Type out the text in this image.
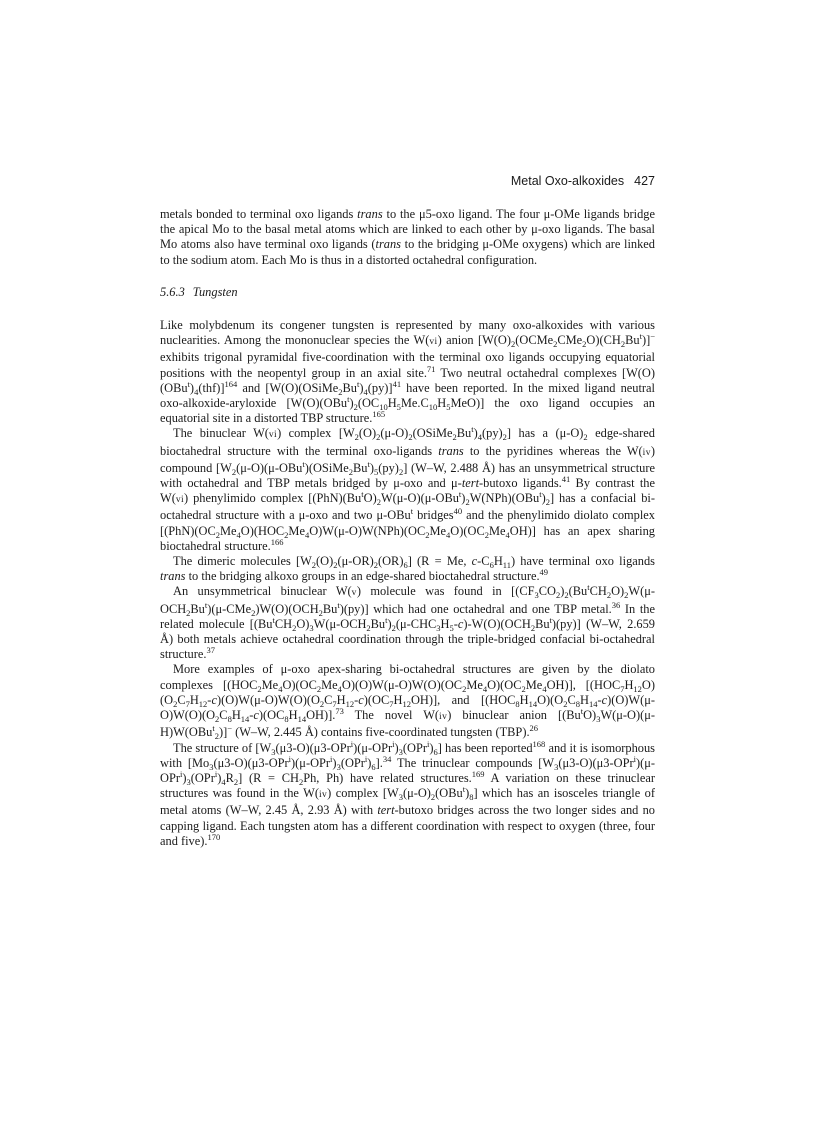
Metal Oxo-alkoxides 427

metals bonded to terminal oxo ligands trans to the μ5-oxo ligand. The four μ-OMe ligands bridge the apical Mo to the basal metal atoms which are linked to each other by μ-oxo ligands. The basal Mo atoms also have terminal oxo ligands (trans to the bridging μ-OMe oxygens) which are linked to the sodium atom. Each Mo is thus in a distorted octahedral configuration.

5.6.3 Tungsten

Like molybdenum its congener tungsten is represented by many oxo-alkoxides with various nuclearities. Among the mononuclear species the W(vi) anion $[W(O)_2(OCMe_2CMe_2O)(CH_2Bu^t)]^-$ exhibits trigonal pyramidal five-coordination with the terminal oxo ligands occupying equatorial positions with the neopentyl group in an axial site.$^{71}$ Two neutral octahedral complexes $[W(O)(OBu^t)_4(thf)]^{164}$ and $[W(O)(OSiMe_2Bu^t)_4(py)]^{41}$ have been reported. In the mixed ligand neutral oxo-alkoxide-aryloxide $[W(O)(OBu^t)_2(OC_{10}H_5Me.C_{10}H_5MeO)]$ the oxo ligand occupies an equatorial site in a distorted TBP structure.$^{165}$

The binuclear W(vi) complex $[W_2(O)_2(\mu-O)_2(OSiMe_2Bu^t)_4(py)_2]$ has a $(\mu-O)_2$ edge-shared bioctahedral structure with the terminal oxo-ligands trans to the pyridines whereas the W(iv) compound $[W_2(\mu-O)(\mu-OBu^t)(OSiMe_2Bu^t)_5(py)_2]$ (W–W, 2.488 Å) has an unsymmetrical structure with octahedral and TBP metals bridged by μ-oxo and μ-tert-butoxo ligands.$^{41}$ By contrast the W(vi) phenylimido complex $[(PhN)(Bu^tO)_2W(\mu-O)(\mu-OBu^t)_2W(NPh)(OBu^t)_2]$ has a confacial bi-octahedral structure with a μ-oxo and two μ-OBu$^t$ bridges$^{40}$ and the phenylimido diolato complex $[(PhN)(OC_2Me_4O)(HOC_2Me_4O)W(\mu-O)W(NPh)(OC_2Me_4O)(OC_2Me_4OH)]$ has an apex sharing bioctahedral structure.$^{166}$

The dimeric molecules $[W_2(O)_2(\mu-OR)_2(OR)_6] (R = Me$, $c-C_6H_{11}$) have terminal oxo ligands trans to the bridging alkoxo groups in an edge-shared bioctahedral structure.$^{49}$

An unsymmetrical binuclear W(v) molecule was found in $[(CF_3CO_2)_2(Bu^tCH_2O)_2W(\mu-OCH_2Bu^t)(\mu-CMe_2)W(O)(OCH_2Bu^t)(py)]$ which had one octahedral and one TBP metal.$^{36}$ In the related molecule $[(Bu^tCH_2O)_3W(\mu-OCH_2Bu^t)_2(\mu-CHC_3H_5-c)-W(O)(OCH_2Bu^t)(py)]$ (W–W, 2.659 Å) both metals achieve octahedral coordination through the triple-bridged confacial bi-octahedral structure.$^{37}$

More examples of μ-oxo apex-sharing bi-octahedral structures are given by the diolato complexes $[(HOC_2Me_4O)(OC_2Me_4O)(O)W(\mu-O)W(O)(OC_2Me_4O)(OC_2Me_4OH)]$, $[(HOC_7H_{12}O)(O_2C_7H_{12}-c)(O)W(\mu-O)W(O)(O_2C_7H_{12}-c)(OC_7H_{12}OH)]$, and $[(HOC_8H_{14}O)(O_2C_8H_{14}-c)(O)W(\mu-O)W(O)(O_2C_8H_{14}-c)(OC_8H_{14}OH)].^{73}$ The novel W(iv) binuclear anion $[(Bu^tO)_3W(\mu-O)(\mu-H)W(OBu^t_2)]^-$ (W–W, 2.445 Å) contains five-coordinated tungsten (TBP).$^{26}$

The structure of $[W_3(\mu 3-O)(\mu 3-OPr^i)(\mu-OPr^i)_3(OPr^i)_6]$ has been reported$^{168}$ and it is isomorphous with $[Mo_3(\mu 3-O)(\mu 3-OPr^i)(\mu-OPr^i)_3(OPr^i)_6].^{34}$ The trinuclear compounds $[W_3(\mu 3-O)(\mu 3-OPr^i)(\mu-OPr^i)_3(OPr^i)_4R_2] (R = CH_2Ph$, Ph) have related structures.$^{169}$ A variation on these trinuclear structures was found in the W(iv) complex $[W_3(\mu-O)_2(OBu^t)_8]$ which has an isosceles triangle of metal atoms (W–W, 2.45 Å, 2.93 Å) with tert-butoxo bridges across the two longer sides and no capping ligand. Each tungsten atom has a different coordination with respect to oxygen (three, four and five).$^{170}$
